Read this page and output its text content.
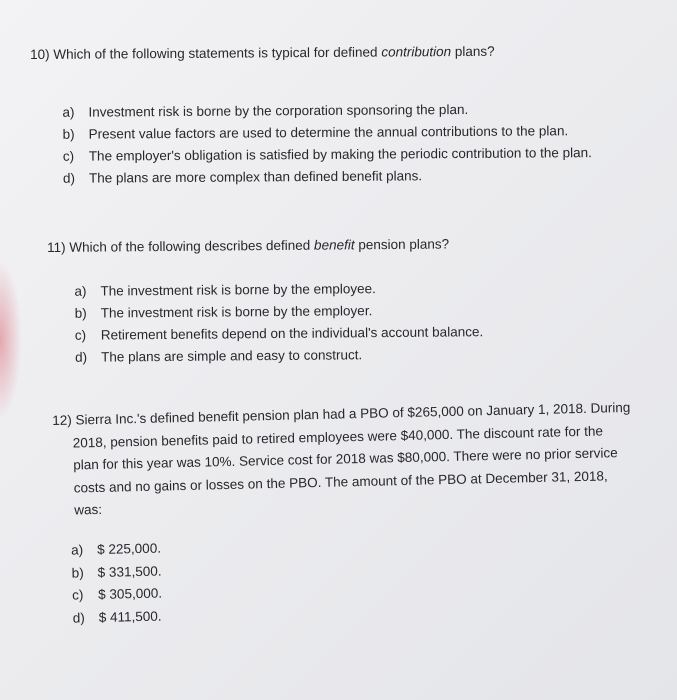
10) Which of the following statements is typical for defined contribution plans?
a)	Investment risk is borne by the corporation sponsoring the plan.
b)	Present value factors are used to determine the annual contributions to the plan.
c)	The employer's obligation is satisfied by making the periodic contribution to the plan.
d)	The plans are more complex than defined benefit plans.
11) Which of the following describes defined benefit pension plans?
a)	The investment risk is borne by the employee.
b)	The investment risk is borne by the employer.
c)	Retirement benefits depend on the individual's account balance.
d)	The plans are simple and easy to construct.
12) Sierra Inc.'s defined benefit pension plan had a PBO of $265,000 on January 1, 2018. During
2018, pension benefits paid to retired employees were $40,000. The discount rate for the
plan for this year was 10%. Service cost for 2018 was $80,000. There were no prior service
costs and no gains or losses on the PBO. The amount of the PBO at December 31, 2018,
was:
a)	$ 225,000.
b)	$ 331,500.
c)	$ 305,000.
d)	$ 411,500.
